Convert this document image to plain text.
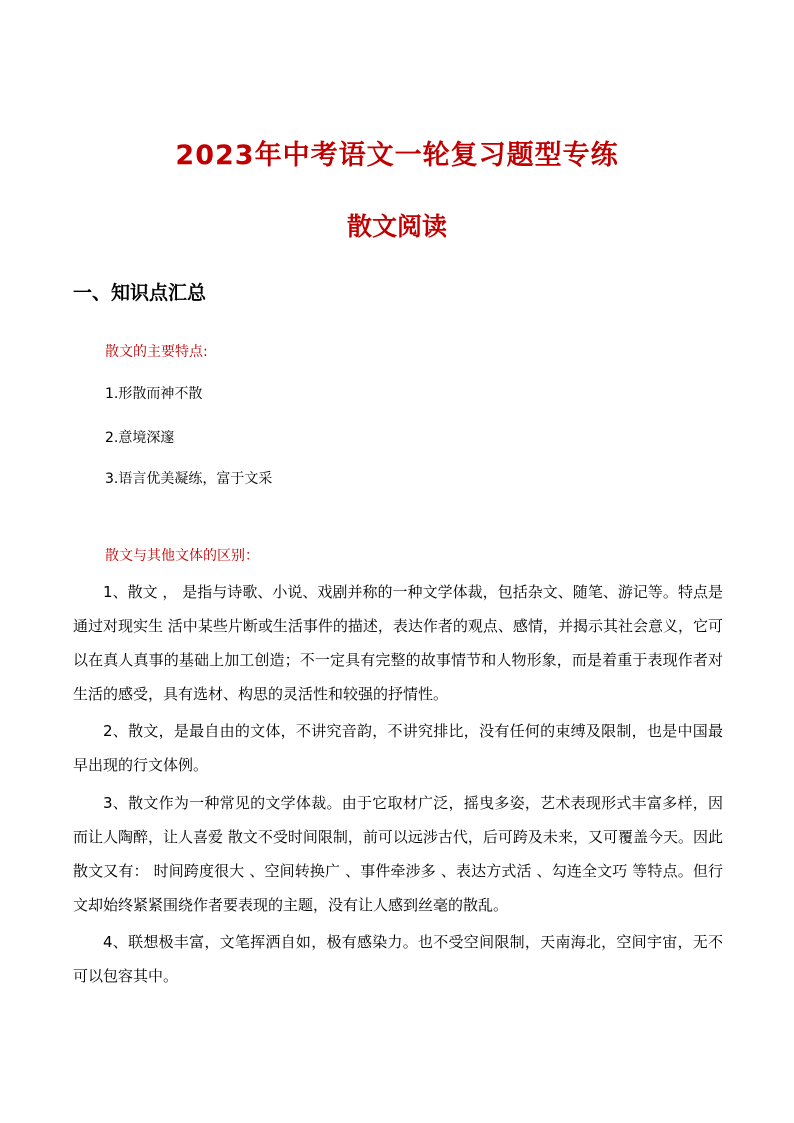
2023年中考语文一轮复习题型专练
散文阅读
一、知识点汇总

散文的主要特点:

1.形散而神不散

2.意境深邃

3.语言优美凝练，富于文采

散文与其他文体的区别：

1、散文 ， 是指与诗歌、小说、戏剧并称的一种文学体裁，包括杂文、随笔、游记等。特点是通过对现实生 活中某些片断或生活事件的描述，表达作者的观点、感情，并揭示其社会意义，它可以在真人真事的基础上加工创造；不一定具有完整的故事情节和人物形象，而是着重于表现作者对生活的感受，具有选材、构思的灵活性和较强的抒情性。

2、散文，是最自由的文体，不讲究音韵，不讲究排比，没有任何的束缚及限制，也是中国最早出现的行文体例。

3、散文作为一种常见的文学体裁。由于它取材广泛，摇曳多姿，艺术表现形式丰富多样，因而让人陶醉，让人喜爱 散文不受时间限制，前可以远涉古代，后可跨及未来，又可覆盖今天。因此散文又有： 时间跨度很大 、空间转换广 、事件牵涉多 、表达方式活 、勾连全文巧 等特点。但行文却始终紧紧围绕作者要表现的主题，没有让人感到丝毫的散乱。

4、联想极丰富，文笔挥洒自如，极有感染力。也不受空间限制，天南海北，空间宇宙，无不可以包容其中。
